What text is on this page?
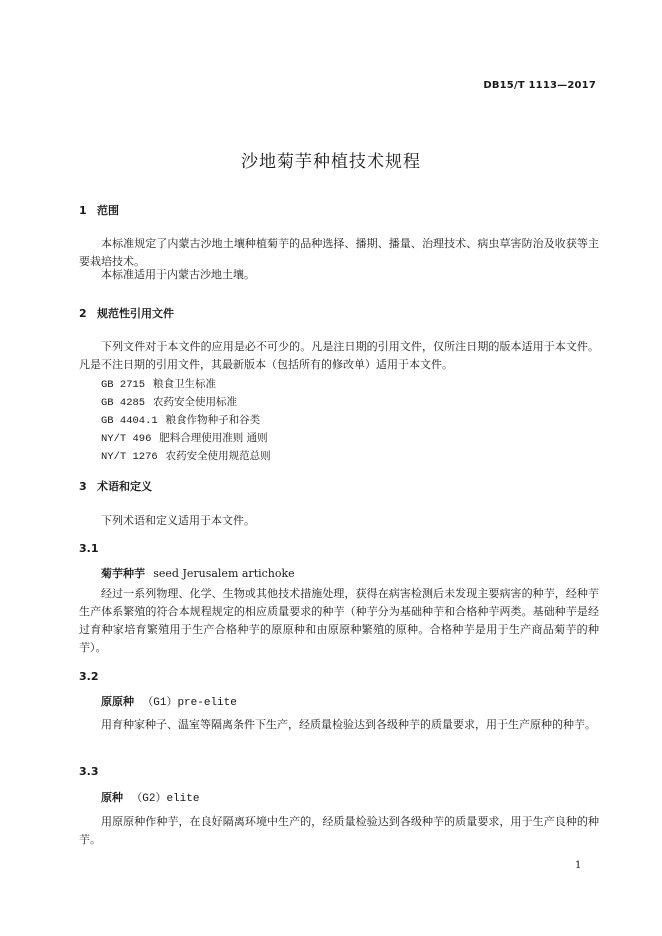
DB15/T 1113—2017
沙地菊芋种植技术规程
1 范围
本标准规定了内蒙古沙地土壤种植菊芋的品种选择、播期、播量、治理技术、病虫草害防治及收获等主要栽培技术。
本标准适用于内蒙古沙地土壤。
2 规范性引用文件
下列文件对于本文件的应用是必不可少的。凡是注日期的引用文件，仅所注日期的版本适用于本文件。凡是不注日期的引用文件，其最新版本（包括所有的修改单）适用于本文件。
GB 2715 粮食卫生标准
GB 4285 农药安全使用标准
GB 4404.1 粮食作物种子和谷类
NY/T 496 肥料合理使用准则 通则
NY/T 1276 农药安全使用规范总则
3 术语和定义
下列术语和定义适用于本文件。
3.1
菊芋种芋 seed Jerusalem artichoke
经过一系列物理、化学、生物或其他技术措施处理，获得在病害检测后未发现主要病害的种芋，经种芋生产体系繁殖的符合本规程规定的相应质量要求的种芋（种芋分为基础种芋和合格种芋两类。基础种芋是经过育种家培育繁殖用于生产合格种芋的原原种和由原原种繁殖的原种。合格种芋是用于生产商品菊芋的种芋）。
3.2
原原种 （G1）pre-elite
用育种家种子、温室等隔离条件下生产，经质量检验达到各级种芋的质量要求，用于生产原种的种芋。
3.3
原种 （G2）elite
用原原种作种芋，在良好隔离环境中生产的，经质量检验达到各级种芋的质量要求，用于生产良种的种芋。
1
